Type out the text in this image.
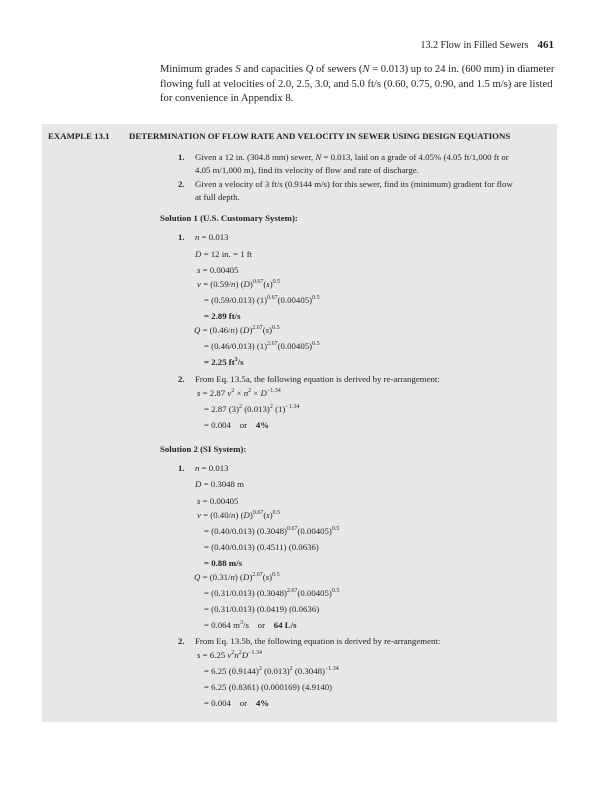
13.2 Flow in Filled Sewers 461
Minimum grades S and capacities Q of sewers (N = 0.013) up to 24 in. (600 mm) in diameter flowing full at velocities of 2.0, 2.5, 3.0, and 5.0 ft/s (0.60, 0.75, 0.90, and 1.5 m/s) are listed for convenience in Appendix 8.
EXAMPLE 13.1 DETERMINATION OF FLOW RATE AND VELOCITY IN SEWER USING DESIGN EQUATIONS
1. Given a 12 in. (304.8 mm) sewer, N = 0.013, laid on a grade of 4.05% (4.05 ft/1,000 ft or
4.05 m/1,000 m), find its velocity of flow and rate of discharge.
2. Given a velocity of 3 ft/s (0.9144 m/s) for this sewer, find its (minimum) gradient for flow
at full depth.
Solution 1 (U.S. Customary System):
1. n = 0.013
D = 12 in. = 1 ft
s = 0.00405
v = (0.59/n) $(D)^{0.67}(s)^{0.5}$
= (0.59/0.013) $(1)^{0.67}(0.00405)^{0.5}$
= 2.89 ft/s
Q = (0.46/n) $(D)^{2.67}(s)^{0.5}$
= (0.46/0.013) $(1)^{2.67}(0.00405)^{0.5}$
= 2.25 $ft^3/s$
2. From Eq. 13.5a, the following equation is derived by re-arrangement:
s = 2.87 $v^2 \times n^2 \times D^{-1.34}$
= 2.87 $(3)^2$ $(0.013)^2$ $(1)^{-1.34}$
= 0.004 or 4%
Solution 2 (SI System):
1. n = 0.013
D = 0.3048 m
s = 0.00405
v = (0.40/n) $(D)^{0.67}(s)^{0.5}$
= (0.40/0.013) $(0.3048)^{0.67}(0.00405)^{0.5}$
= (0.40/0.013) (0.4511) (0.0636)
= 0.88 m/s
Q = (0.31/n) $(D)^{2.67}(s)^{0.5}$
= (0.31/0.013) $(0.3048)^{2.67}(0.00405)^{0.5}$
= (0.31/0.013) (0.0419) (0.0636)
= 0.064 $m^3/s$ or 64 L/s
2. From Eq. 13.5b, the following equation is derived by re-arrangement:
s = 6.25 $v^2n^2D^{-1.34}$
= 6.25 $(0.9144)^2$ $(0.013)^2$ $(0.3048)^{-1.34}$
= 6.25 (0.8361) (0.000169) (4.9140)
= 0.004 or 4%
